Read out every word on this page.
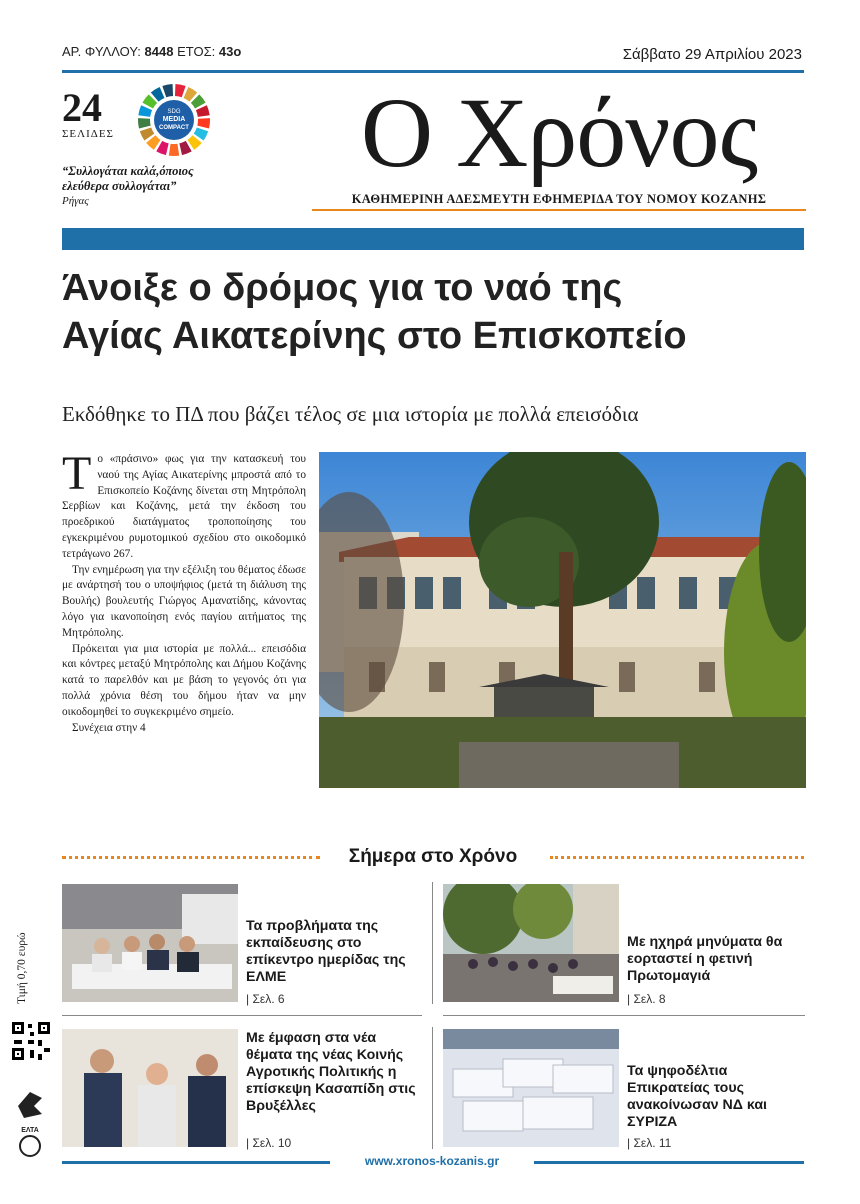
ΑΡ. ΦΥΛΛΟΥ: 8448 ΕΤΟΣ: 43ο	Σάββατο 29 Απριλίου 2023
24
ΣΕΛΙΔΕΣ
SDG
MEDIA
COMPACT
“Συλλογάται καλά,όποιος
ελεύθερα συλλογάται”
Ρήγας
Ο Χρόνος
ΚΑΘΗΜΕΡΙΝΗ ΑΔΕΣΜΕΥΤΗ ΕΦΗΜΕΡΙΔΑ ΤΟΥ ΝΟΜΟΥ ΚΟΖΑΝΗΣ
Άνοιξε ο δρόμος για το ναό της
Αγίας Αικατερίνης στο Επισκοπείο
Εκδόθηκε το ΠΔ που βάζει τέλος σε μια ιστορία με πολλά επεισόδια

Το «πράσινο» φως για την κατασκευή του ναού της Αγίας Αικατερίνης μπροστά από το Επισκοπείο Κοζάνης δίνεται στη Μητρόπολη Σερβίων και Κοζάνης, μετά την έκδοση του προεδρικού διατάγματος τροποποίησης του εγκεκριμένου ρυμοτομικού σχεδίου στο οικοδομικό τετράγωνο 267.

Την ενημέρωση για την εξέλιξη του θέματος έδωσε με ανάρτησή του ο υποψήφιος (μετά τη διάλυση της Βουλής) βουλευτής Γιώργος Αμανατίδης, κάνοντας λόγο για ικανοποίηση ενός παγίου αιτήματος της Μητρόπολης.

Πρόκειται για μια ιστορία με πολλά... επεισόδια και κόντρες μεταξύ Μητρόπολης και Δήμου Κοζάνης κατά το παρελθόν και με βάση το γεγονός ότι για πολλά χρόνια θέση του δήμου ήταν να μην οικοδομηθεί το συγκεκριμένο σημείο.

Συνέχεια στην 4

Σήμερα στο Χρόνο
Τα προβλήματα της εκπαίδευσης στο επίκεντρο ημερίδας της ΕΛΜΕ
| Σελ. 6
Με ηχηρά μηνύματα θα εορταστεί η φετινή Πρωτομαγιά
| Σελ. 8
Με έμφαση στα νέα θέματα της νέας Κοινής Αγροτικής Πολιτικής η επίσκεψη Κασαπίδη στις Βρυξέλλες
| Σελ. 10
Τα ψηφοδέλτια Επικρατείας τους ανακοίνωσαν ΝΔ και ΣΥΡΙΖΑ
| Σελ. 11
Τιμή 0,70 ευρώ
ΕΛΤΑ
www.xronos-kozanis.gr
